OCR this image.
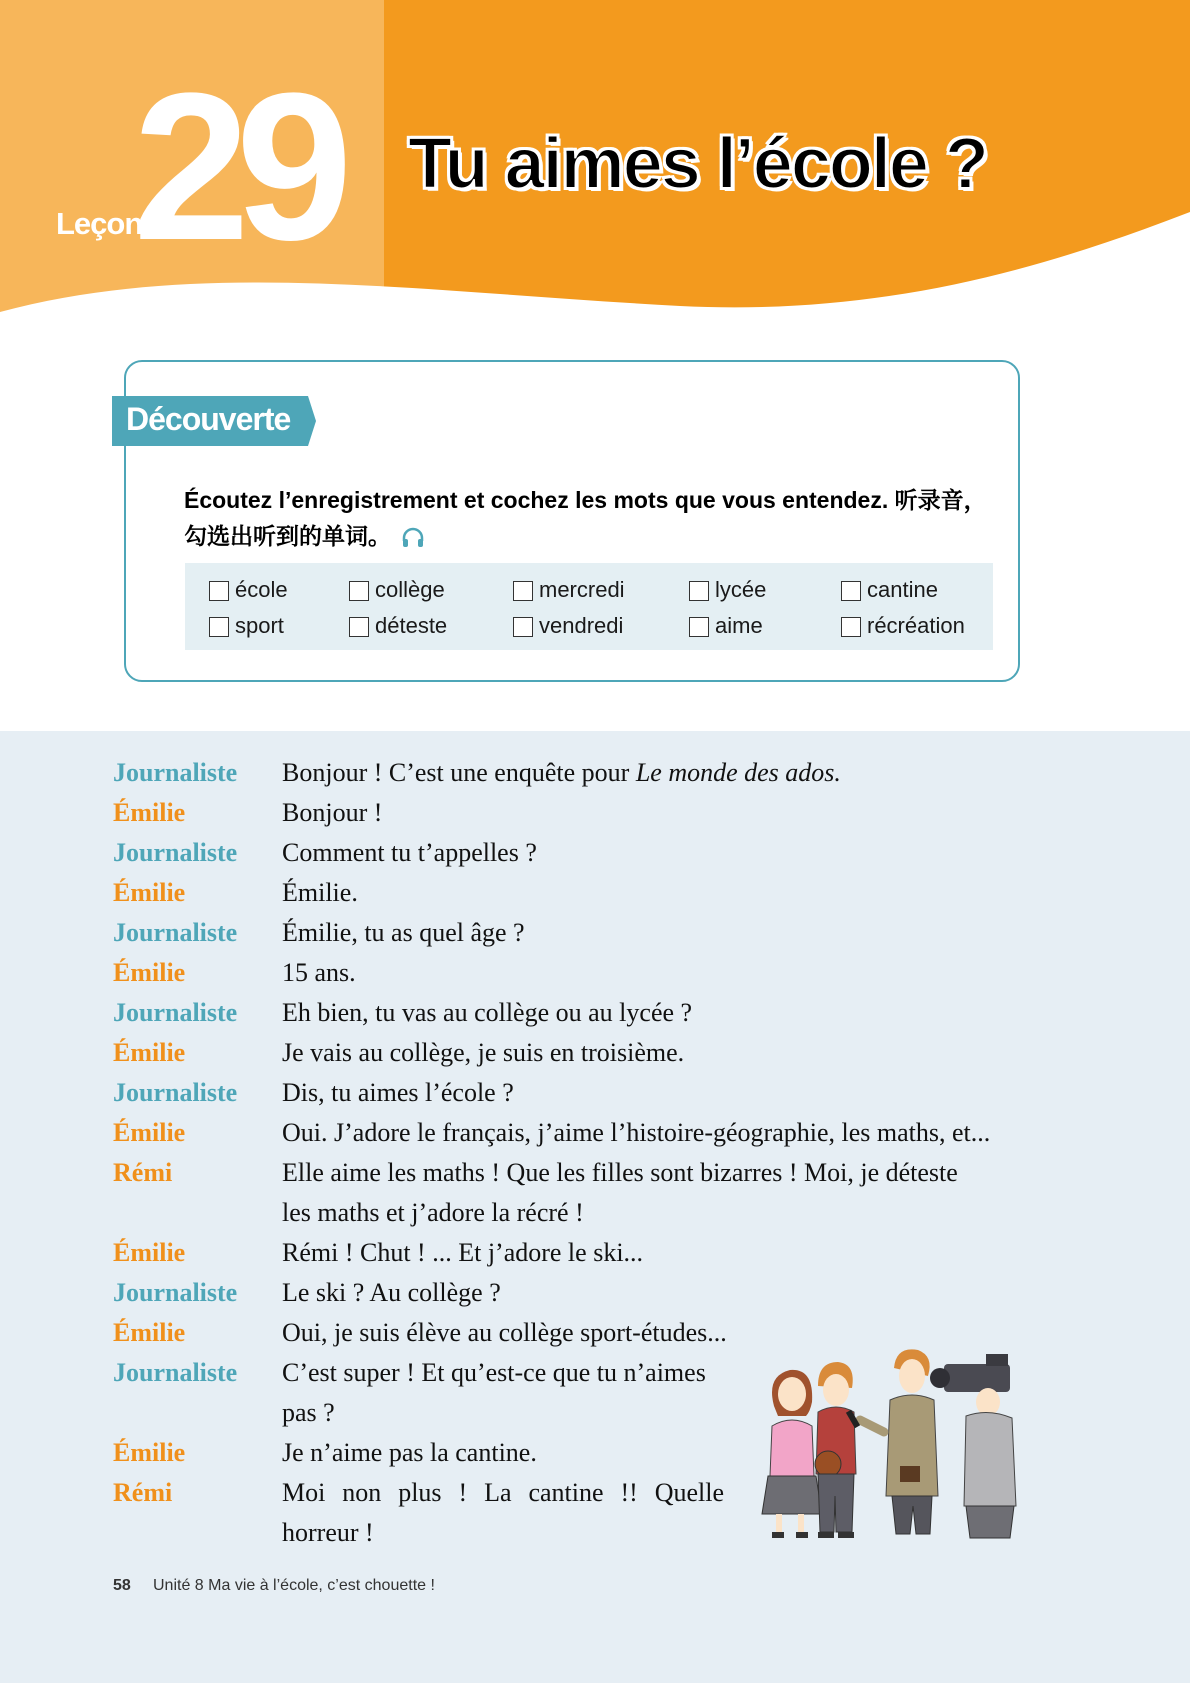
Leçon
29 Tu aimes l’école ?
Découverte
Écoutez l’enregistrement et cochez les mots que vous entendez. 听录音，勾选出听到的单词。
école	collège	mercredi	lycée	cantine
sport	déteste	vendredi	aime	récréation
Journaliste Bonjour ! C’est une enquête pour Le monde des ados.
Émilie	Bonjour !
Journaliste Comment tu t’appelles ?
Émilie	Émilie.
Journaliste Émilie, tu as quel âge ?
Émilie	15 ans.
Journaliste Eh bien, tu vas au collège ou au lycée ?
Émilie	Je vais au collège, je suis en troisième.
Journaliste Dis, tu aimes l’école ?
Émilie	Oui. J’adore le français, j’aime l’histoire-géographie, les maths, et...
Rémi	Elle aime les maths ! Que les filles sont bizarres ! Moi, je déteste
les maths et j’adore la récré !
Émilie	Rémi ! Chut ! ... Et j’adore le ski...
Journaliste Le ski ? Au collège ?
Émilie	Oui, je suis élève au collège sport-études...
Journaliste C’est super ! Et qu’est-ce que tu n’aimes
pas ?
Émilie	Je n’aime pas la cantine.
Rémi	Moi non plus ! La cantine !! Quelle
horreur !
58 Unité 8 Ma vie à l’école, c’est chouette !
